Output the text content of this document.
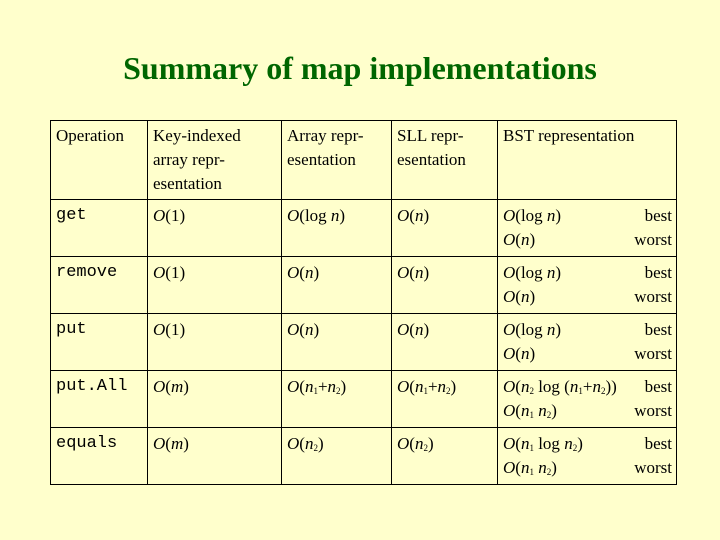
Summary of map implementations
Operation	Key-indexed
array repr-
esentation	Array repr-
esentation	SLL repr-
esentation	BST representation
get	O(1)	O(log n)	O(n)	O(log n) best
O(n) worst

remove	O(1)	O(n)	O(n)	O(log n) best
O(n) worst

put	O(1)	O(n)	O(n)	O(log n) best
O(n) worst

put.All	O(m)	$O(n_1+n_2)$	$O(n_1+n_2)$	$O(n_2$ $\log (n_1+n_2)$) best
$O(n_1$ $n_2$) worst

equals	O(m)	$O(n_2)$	$O(n_2)$	$O(n_1$ $\log n_2$) best
$O(n_1$ $n_2$) worst
